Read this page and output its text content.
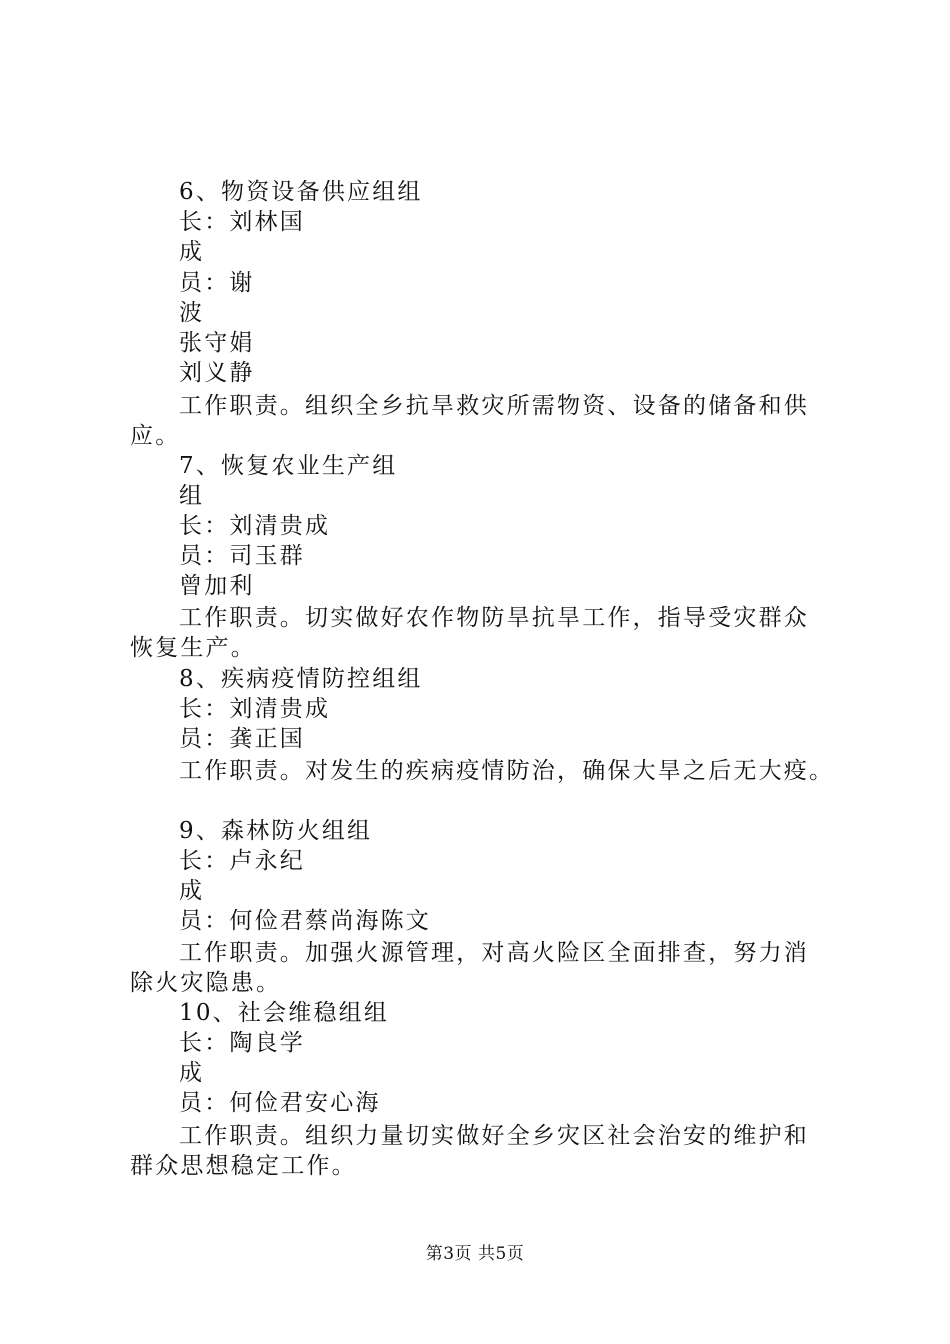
6、物资设备供应组组
长：刘林国
成
员：谢
波
张守娟
刘义静
工作职责。组织全乡抗旱救灾所需物资、设备的储备和供
应。
7、恢复农业生产组
组
长：刘清贵成
员：司玉群
曾加利
工作职责。切实做好农作物防旱抗旱工作，指导受灾群众
恢复生产。
8、疾病疫情防控组组
长：刘清贵成
员：龚正国
工作职责。对发生的疾病疫情防治，确保大旱之后无大疫。
9、森林防火组组
长：卢永纪
成
员：何俭君蔡尚海陈文
工作职责。加强火源管理，对高火险区全面排查，努力消
除火灾隐患。
10、社会维稳组组
长：陶良学
成
员：何俭君安心海
工作职责。组织力量切实做好全乡灾区社会治安的维护和
群众思想稳定工作。
第3页 共5页
